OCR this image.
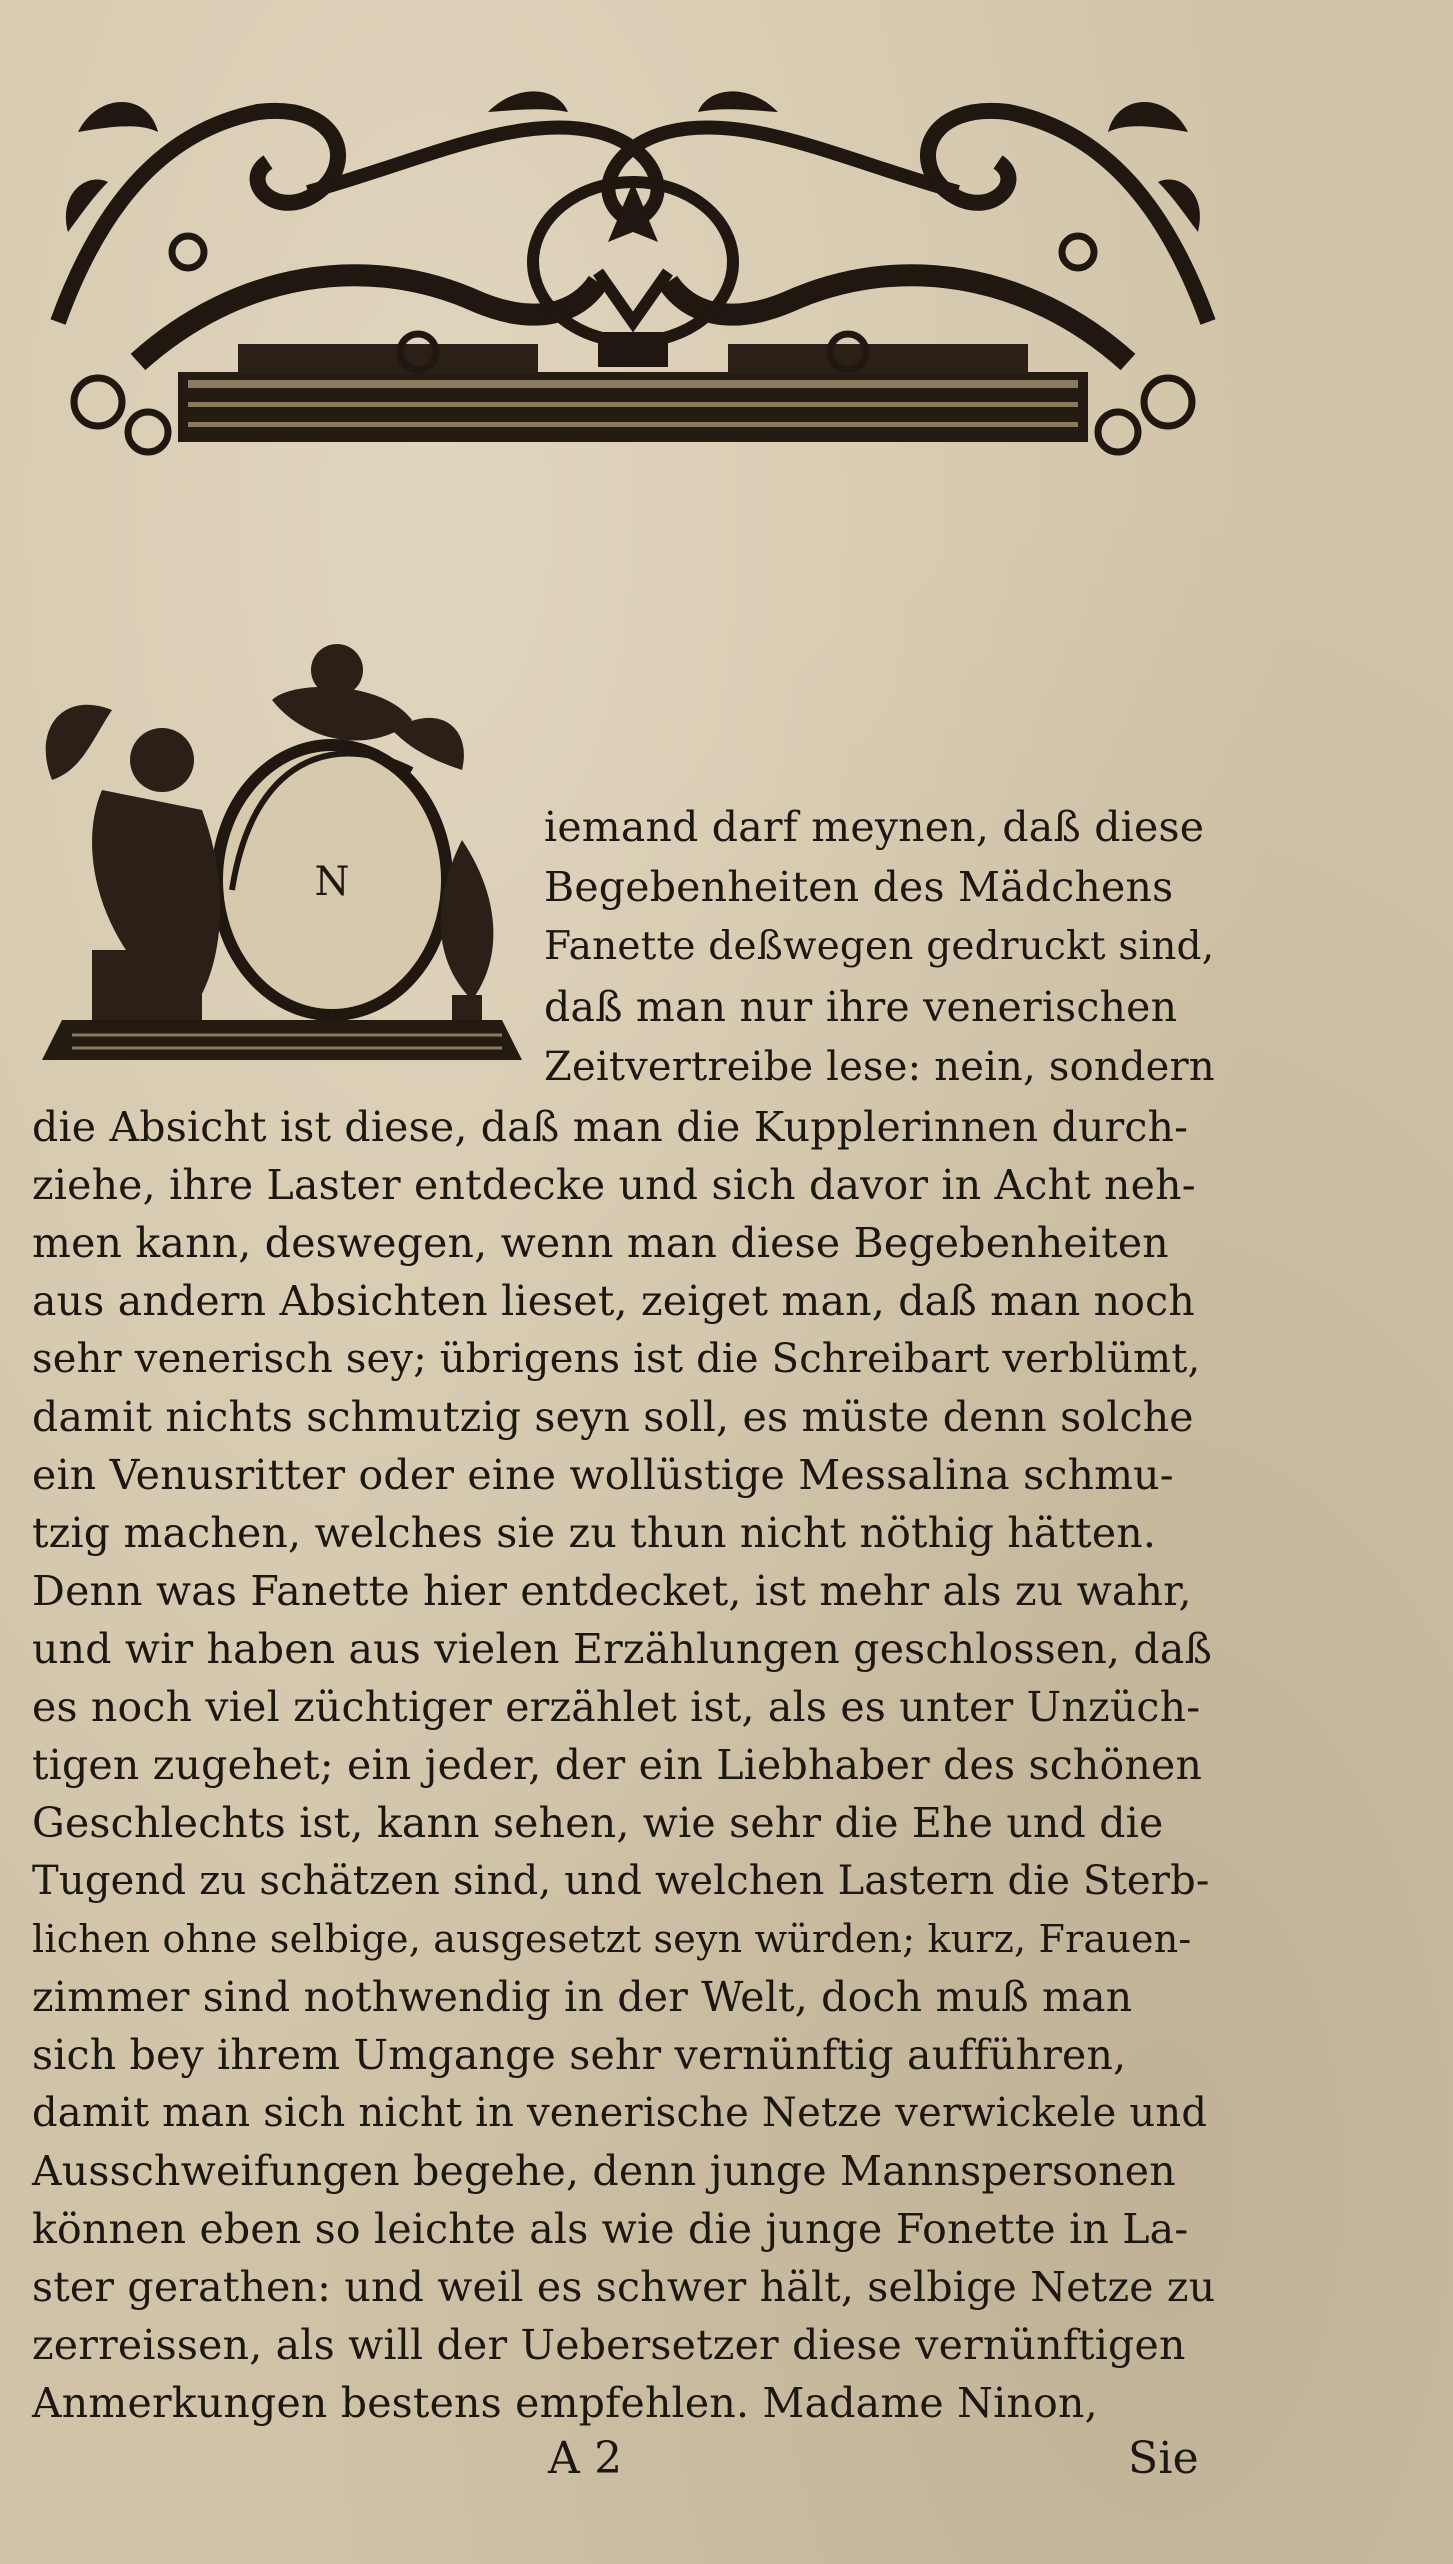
N
iemand darf meynen, daß diese
Begebenheiten des Mädchens
Fanette deßwegen gedruckt sind,
daß man nur ihre venerischen
Zeitvertreibe lese: nein, sondern
die Absicht ist diese, daß man die Kupplerinnen durch-
ziehe, ihre Laster entdecke und sich davor in Acht neh-
men kann, deswegen, wenn man diese Begebenheiten
aus andern Absichten lieset, zeiget man, daß man noch
sehr venerisch sey; übrigens ist die Schreibart verblümt,
damit nichts schmutzig seyn soll, es müste denn solche
ein Venusritter oder eine wollüstige Messalina schmu-
tzig machen, welches sie zu thun nicht nöthig hätten.
Denn was Fanette hier entdecket, ist mehr als zu wahr,
und wir haben aus vielen Erzählungen geschlossen, daß
es noch viel züchtiger erzählet ist, als es unter Unzüch-
tigen zugehet; ein jeder, der ein Liebhaber des schönen
Geschlechts ist, kann sehen, wie sehr die Ehe und die
Tugend zu schätzen sind, und welchen Lastern die Sterb-
lichen ohne selbige, ausgesetzt seyn würden; kurz, Frauen-
zimmer sind nothwendig in der Welt, doch muß man
sich bey ihrem Umgange sehr vernünftig aufführen,
damit man sich nicht in venerische Netze verwickele und
Ausschweifungen begehe, denn junge Mannspersonen
können eben so leichte als wie die junge Fonette in La-
ster gerathen: und weil es schwer hält, selbige Netze zu
zerreissen, als will der Uebersetzer diese vernünftigen
Anmerkungen bestens empfehlen. Madame Ninon,
A 2	Sie
